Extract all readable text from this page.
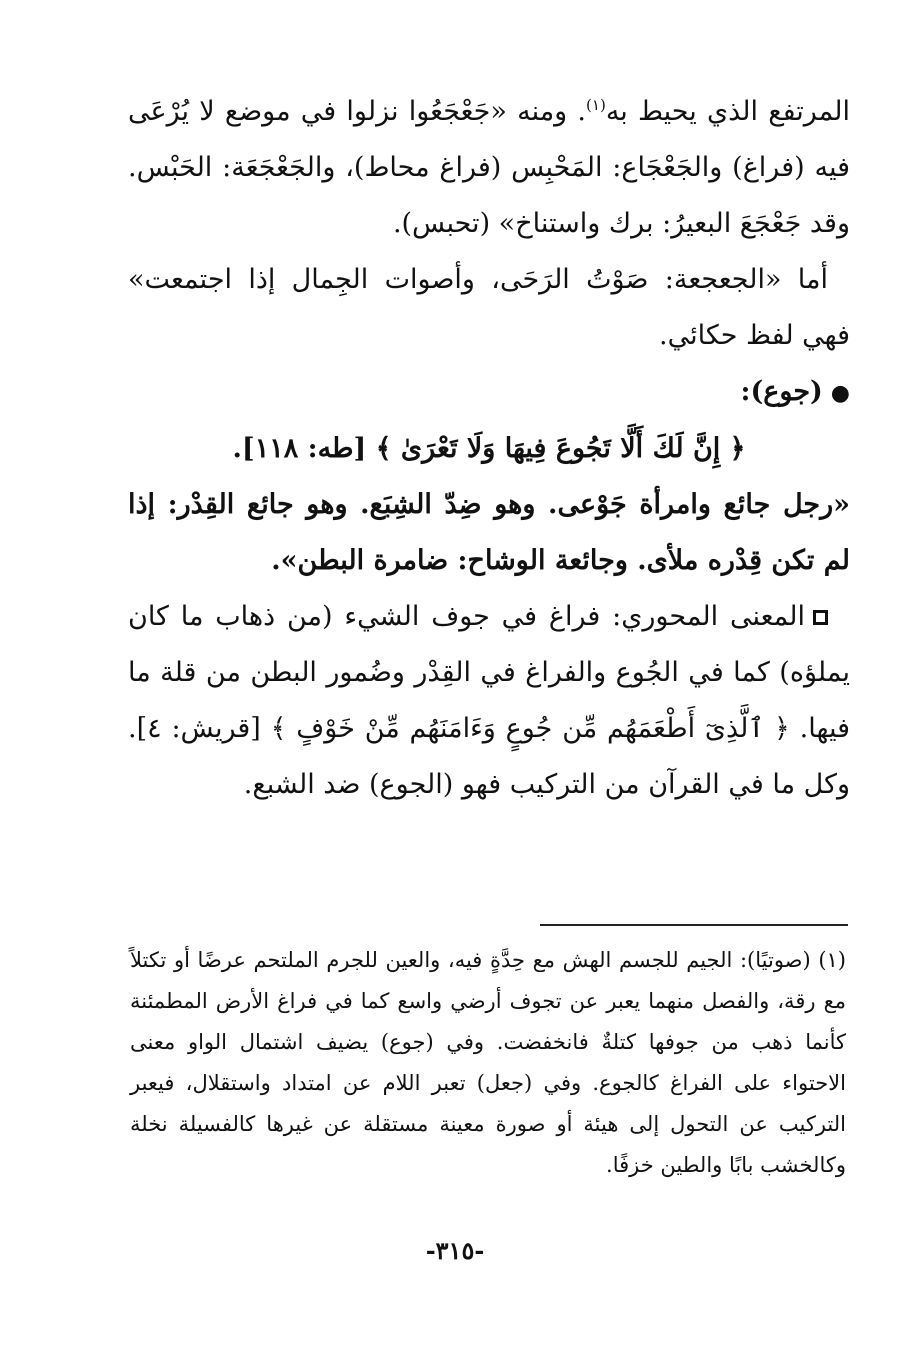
المرتفع الذي يحيط به$^{(١)}$. ومنه «جَعْجَعُوا نزلوا في موضع لا يُرْعَى فيه (فراغ) والجَعْجَاع: المَحْبِس (فراغ محاط)، والجَعْجَعَة: الحَبْس. وقد جَعْجَعَ البعيرُ: برك واستناخ» (تحبس).

أما «الجعجعة: صَوْتُ الرَحَى، وأصوات الجِمال إذا اجتمعت» فهي لفظ حكائي.

●(جوع):

﴿ إِنَّ لَكَ أَلَّا تَجُوعَ فِيهَا وَلَا تَعْرَىٰ ﴾ [طه: ١١٨].

«رجل جائع وامرأة جَوْعى. وهو ضِدّ الشِبَع. وهو جائع القِدْر: إذا لم تكن قِدْره ملأى. وجائعة الوشاح: ضامرة البطن».

المعنى المحوري: فراغ في جوف الشيء (من ذهاب ما كان يملؤه) كما في الجُوع والفراغ في القِدْر وضُمور البطن من قلة ما فيها. ﴿ ٱلَّذِىٓ أَطْعَمَهُم مِّن جُوعٍ وَءَامَنَهُم مِّنْ خَوْفٍ ﴾ [قريش: ٤]. وكل ما في القرآن من التركيب فهو (الجوع) ضد الشبع.

(١) (صوتيًا): الجيم للجسم الهش مع حِدَّةٍ فيه، والعين للجرم الملتحم عرضًا أو تكتلاً مع رقة، والفصل منهما يعبر عن تجوف أرضي واسع كما في فراغ الأرض المطمئنة كأنما ذهب من جوفها كتلةٌ فانخفضت. وفي (جوع) يضيف اشتمال الواو معنى الاحتواء على الفراغ كالجوع. وفي (جعل) تعبر اللام عن امتداد واستقلال، فيعبر التركيب عن التحول إلى هيئة أو صورة معينة مستقلة عن غيرها كالفسيلة نخلة وكالخشب بابًا والطين خزفًا.

-٣١٥-
